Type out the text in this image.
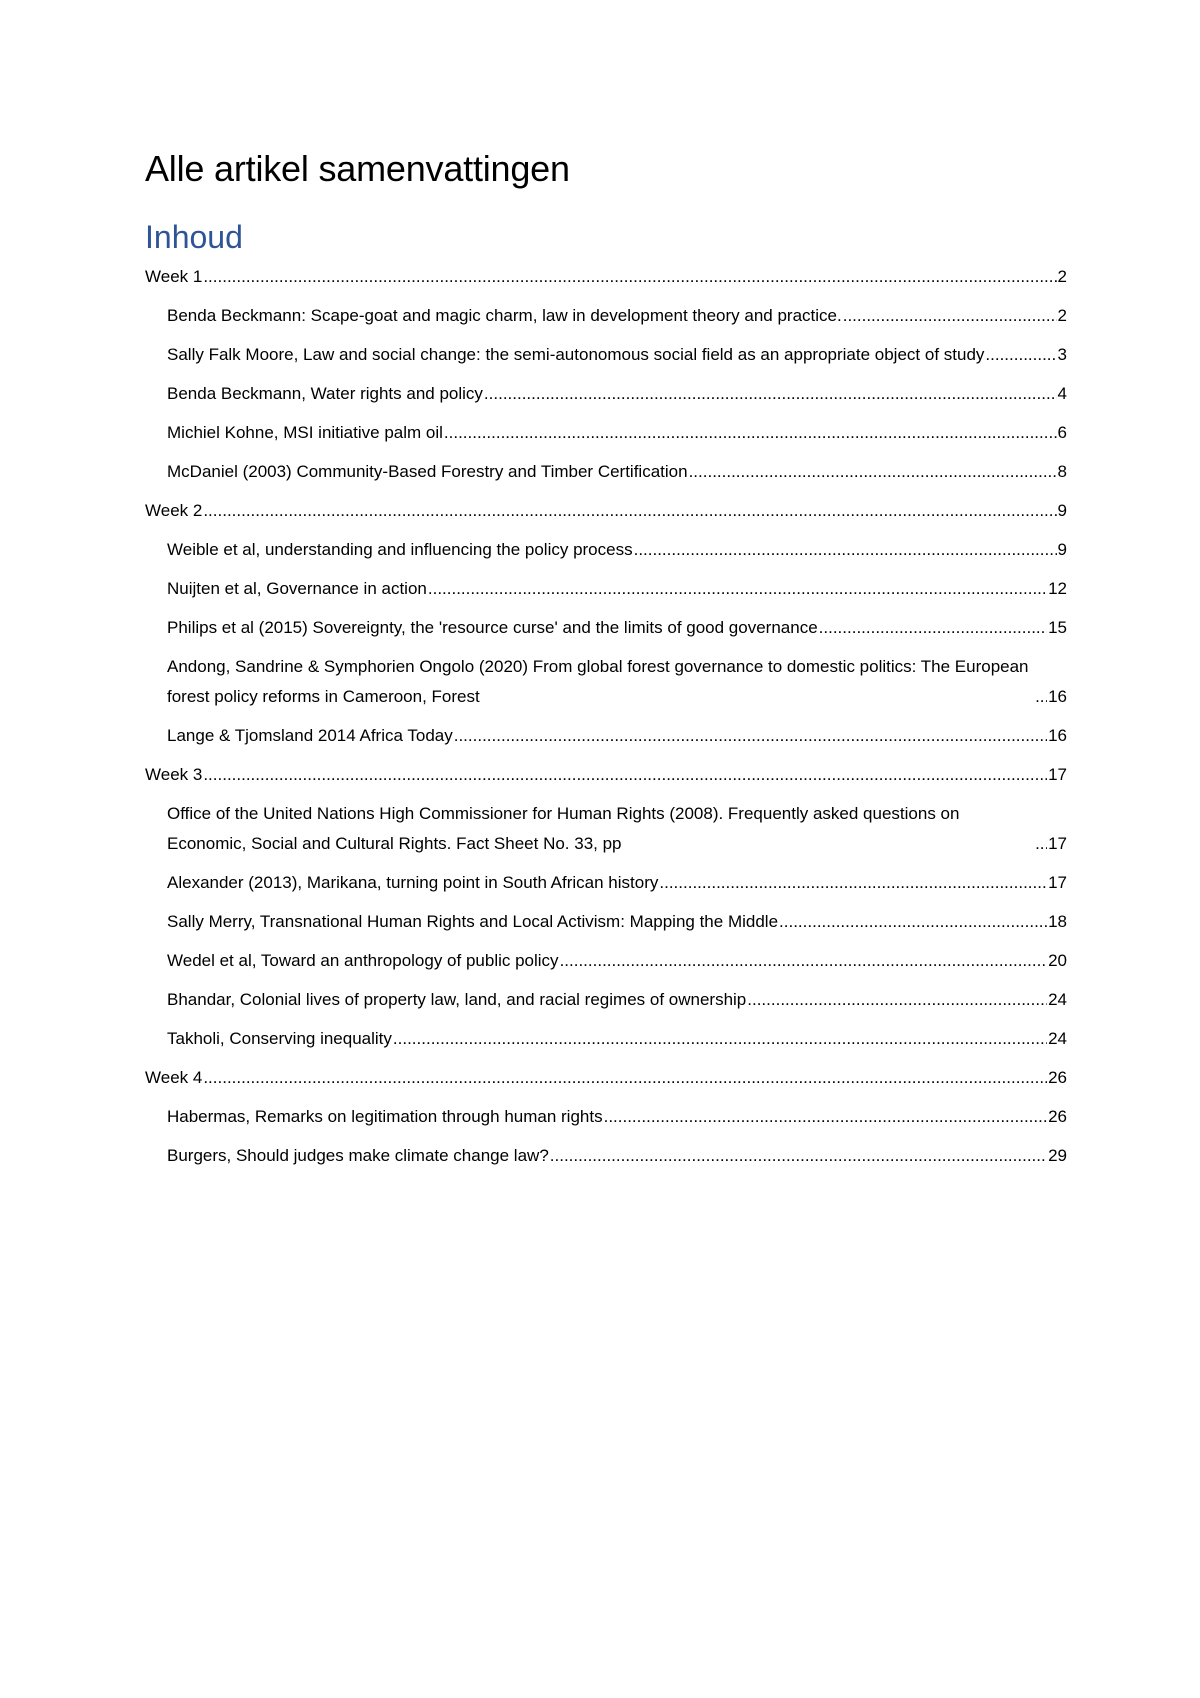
Alle artikel samenvattingen
Inhoud
Week 1 .....	2
Benda Beckmann: Scape-goat and magic charm, law in development theory and practice. .....	2
Sally Falk Moore, Law and social change: the semi-autonomous social field as an appropriate object of study .....	3
Benda Beckmann, Water rights and policy .....	4
Michiel Kohne, MSI initiative palm oil .....	6
McDaniel (2003) Community-Based Forestry and Timber Certification .....	8
Week 2 .....	9
Weible et al, understanding and influencing the policy process .....	9
Nuijten et al, Governance in action .....	12
Philips et al (2015) Sovereignty, the 'resource curse' and the limits of good governance .....	15
Andong, Sandrine & Symphorien Ongolo (2020) From global forest governance to domestic politics: The European forest policy reforms in Cameroon, Forest .....	16
Lange & Tjomsland 2014 Africa Today .....	16
Week 3 .....	17
Office of the United Nations High Commissioner for Human Rights (2008). Frequently asked questions on Economic, Social and Cultural Rights. Fact Sheet No. 33, pp .....	17
Alexander (2013), Marikana, turning point in South African history .....	17
Sally Merry, Transnational Human Rights and Local Activism: Mapping the Middle .....	18
Wedel et al, Toward an anthropology of public policy .....	20
Bhandar, Colonial lives of property law, land, and racial regimes of ownership .....	24
Takholi, Conserving inequality .....	24
Week 4 .....	26
Habermas, Remarks on legitimation through human rights .....	26
Burgers, Should judges make climate change law? .....	29
